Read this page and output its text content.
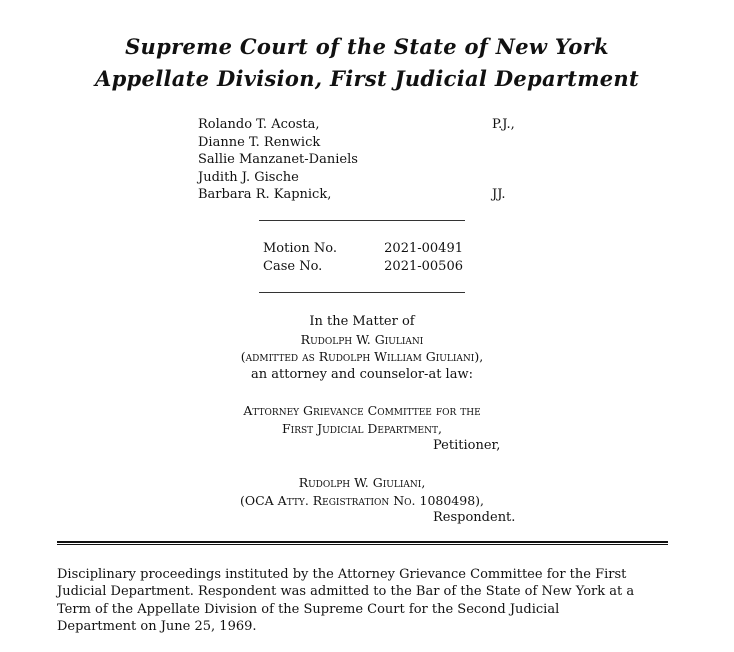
Supreme Court of the State of New York
Appellate Division, First Judicial Department
Rolando T. Acosta,	P.J.,
Dianne T. Renwick
Sallie Manzanet-Daniels
Judith J. Gische
Barbara R. Kapnick,	JJ.
Motion No.	2021-00491
Case No.	2021-00506
In the Matter of
Rudolph W. Giuliani
(admitted as Rudolph William Giuliani),
an attorney and counselor-at law:
Attorney Grievance Committee for the
First Judicial Department,
Petitioner,
Rudolph W. Giuliani,
(OCA Atty. Registration No. 1080498),
Respondent.
Disciplinary proceedings instituted by the Attorney Grievance Committee for the First
Judicial Department. Respondent was admitted to the Bar of the State of New York at a
Term of the Appellate Division of the Supreme Court for the Second Judicial
Department on June 25, 1969.
